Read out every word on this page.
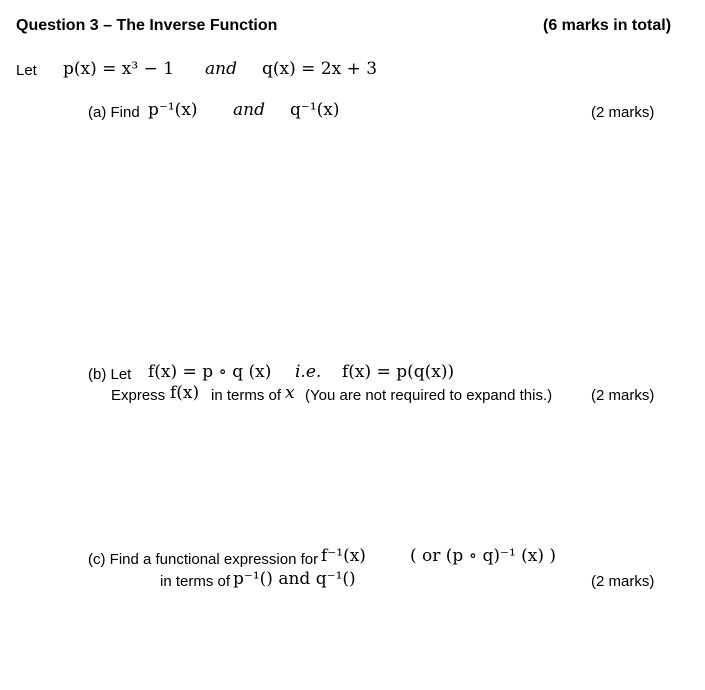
Question 3 – The Inverse Function	(6 marks in total)
Let p(x) = x³ − 1 and q(x) = 2x + 3
(a) Find p⁻¹(x) and q⁻¹(x)	(2 marks)
(b) Let f(x) = p ∘ q (x) i.e. f(x) = p(q(x))
Express f(x) in terms of x (You are not required to expand this.)	(2 marks)
(c) Find a functional expression for f⁻¹(x)	( or (p ∘ q)⁻¹ (x) )
in terms of p⁻¹() and q⁻¹()	(2 marks)
